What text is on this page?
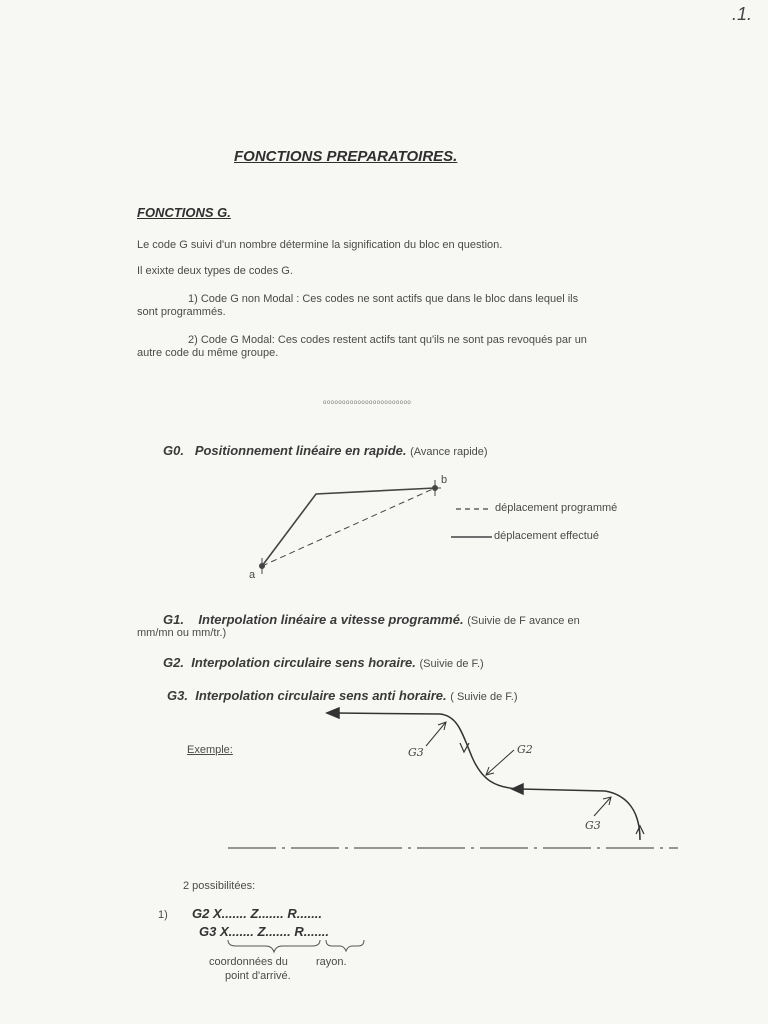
.1.
FONCTIONS PREPARATOIRES.
FONCTIONS G.
Le code G suivi d'un nombre détermine la signification du bloc en question.
Il exixte deux types de codes G.
1) Code G non Modal : Ces codes ne sont actifs que dans le bloc dans lequel ils
sont programmés.
2) Code G Modal: Ces codes restent actifs tant qu'ils ne sont pas revoqués par un
autre code du même groupe.
ooooooooooooooooooooooo
G0. Positionnement linéaire en rapide. (Avance rapide)
b
a
déplacement programmé
déplacement effectué
G1. Interpolation linéaire a vitesse programmé. (Suivie de F avance en
mm/mn ou mm/tr.)
G2. Interpolation circulaire sens horaire. (Suivie de F.)
G3. Interpolation circulaire sens anti horaire. ( Suivie de F.)
Exemple:	G3	G2
G3
2 possibilitées:
1) G2 X....... Z....... R.......
G3 X....... Z....... R.......
coordonnées du
point d'arrivé.
rayon.
